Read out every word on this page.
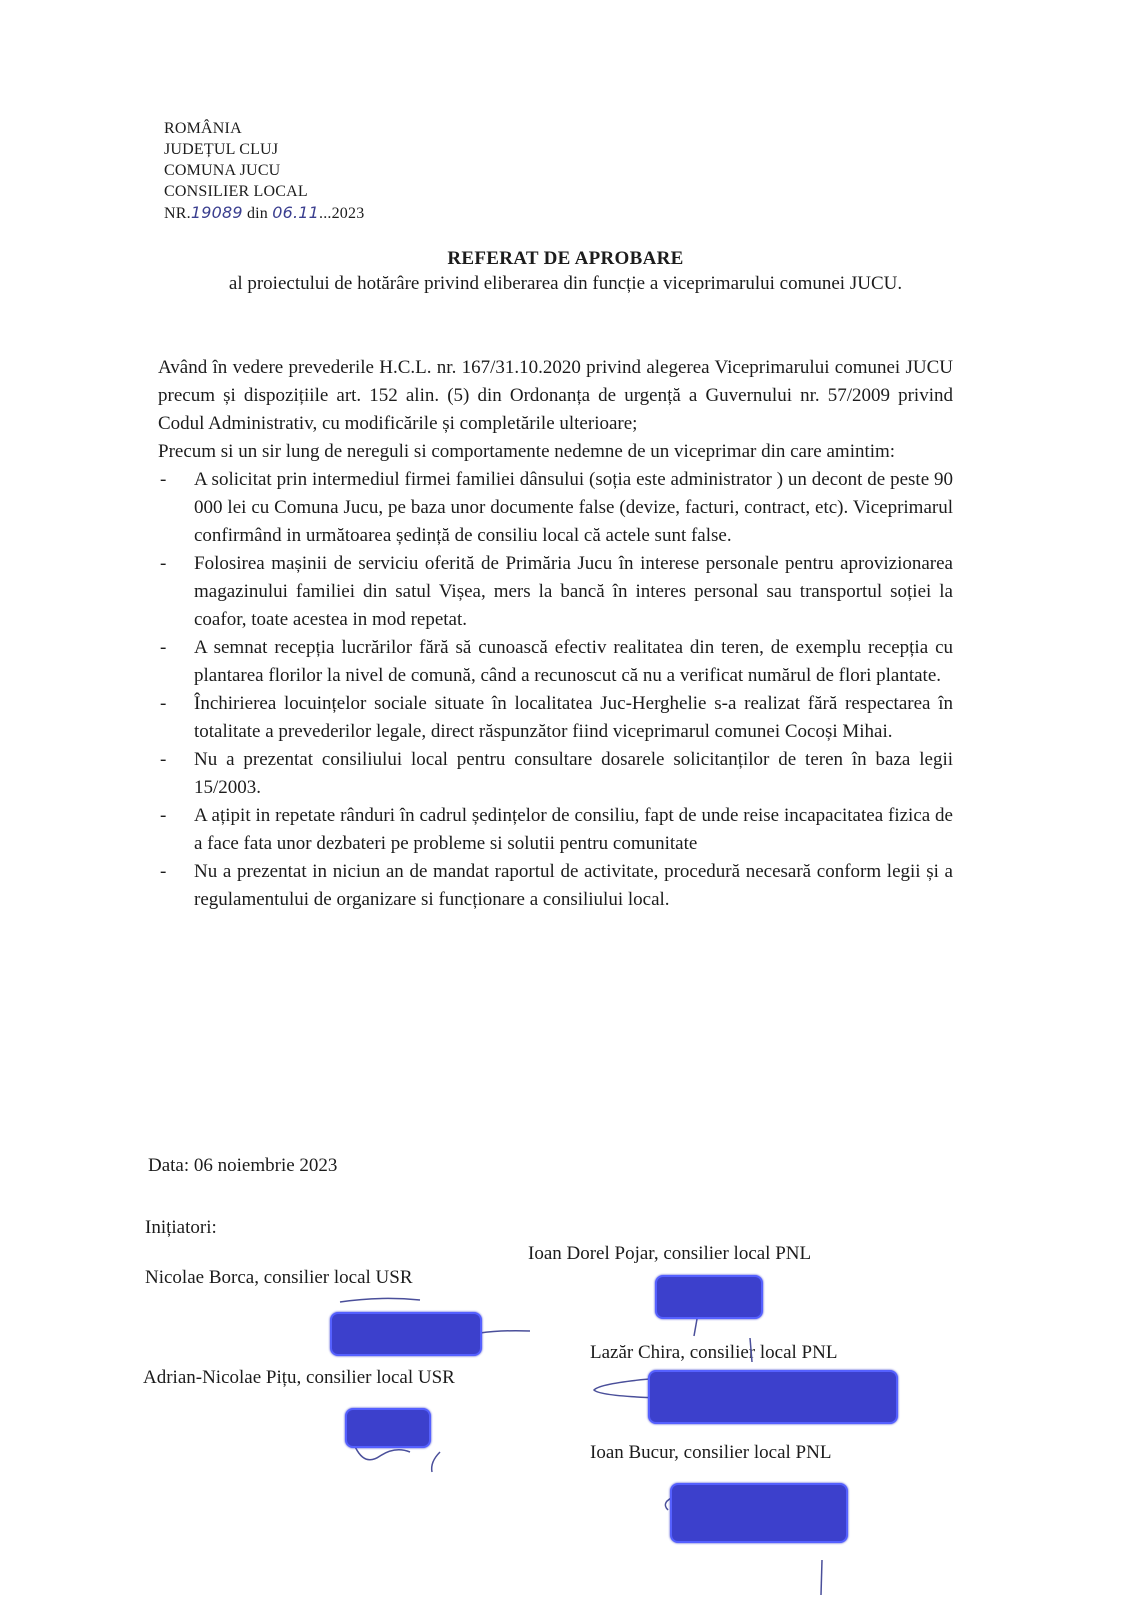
ROMÂNIA
JUDEȚUL CLUJ
COMUNA JUCU
CONSILIER LOCAL
NR.19089 din 06.11...2023
REFERAT DE APROBARE
al proiectului de hotărâre privind eliberarea din funcție a viceprimarului comunei JUCU.

Având în vedere prevederile H.C.L. nr. 167/31.10.2020 privind alegerea Viceprimarului comunei JUCU precum și dispozițiile art. 152 alin. (5) din Ordonanța de urgență a Guvernului nr. 57/2009 privind Codul Administrativ, cu modificările și completările ulterioare;

Precum si un sir lung de nereguli si comportamente nedemne de un viceprimar din care amintim:

- A solicitat prin intermediul firmei familiei dânsului (soția este administrator ) un decont de peste 90 000 lei cu Comuna Jucu, pe baza unor documente false (devize, facturi, contract, etc). Viceprimarul confirmând in următoarea ședință de consiliu local că actele sunt false.
- Folosirea mașinii de serviciu oferită de Primăria Jucu în interese personale pentru aprovizionarea magazinului familiei din satul Vișea, mers la bancă în interes personal sau transportul soției la coafor, toate acestea in mod repetat.
- A semnat recepția lucrărilor fără să cunoască efectiv realitatea din teren, de exemplu recepția cu plantarea florilor la nivel de comună, când a recunoscut că nu a verificat numărul de flori plantate.
- Închirierea locuințelor sociale situate în localitatea Juc-Herghelie s-a realizat fără respectarea în totalitate a prevederilor legale, direct răspunzător fiind viceprimarul comunei Cocoși Mihai.
- Nu a prezentat consiliului local pentru consultare dosarele solicitanților de teren în baza legii 15/2003.
- A ațipit in repetate rânduri în cadrul ședințelor de consiliu, fapt de unde reise incapacitatea fizica de a face fata unor dezbateri pe probleme si solutii pentru comunitate
- Nu a prezentat in niciun an de mandat raportul de activitate, procedură necesară conform legii și a regulamentului de organizare si funcționare a consiliului local.
Data: 06 noiembrie 2023
Inițiatori:
Nicolae Borca, consilier local USR
Adrian-Nicolae Pițu, consilier local USR
Ioan Dorel Pojar, consilier local PNL
Lazăr Chira, consilier local PNL
Ioan Bucur, consilier local PNL
